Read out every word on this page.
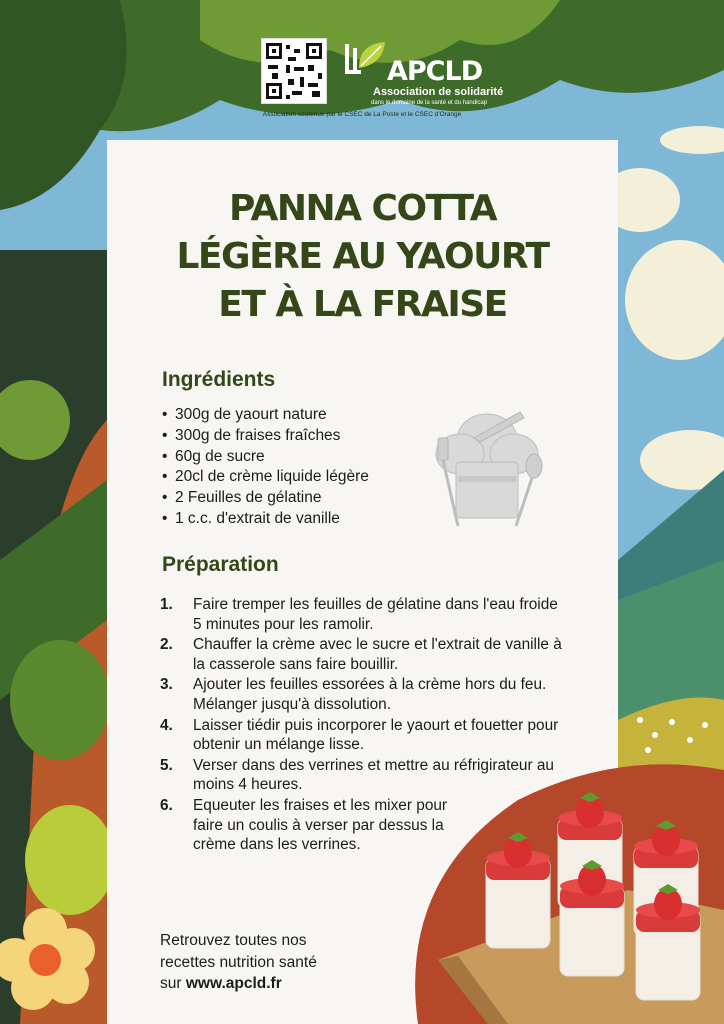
APCLD
Association de solidarité
dans le domaine de la santé et du handicap
Association soutenue par le CSEC de La Poste et le CSEC d'Orange
PANNA COTTA
LÉGÈRE AU YAOURT
ET À LA FRAISE
Ingrédients
• 300g de yaourt nature
• 300g de fraises fraîches
• 60g de sucre
• 20cl de crème liquide légère
• 2 Feuilles de gélatine
• 1 c.c. d'extrait de vanille
Préparation
1. Faire tremper les feuilles de gélatine dans l'eau froide 5 minutes pour les ramolir.
2. Chauffer la crème avec le sucre et l'extrait de vanille à la casserole sans faire bouillir.
3. Ajouter les feuilles essorées à la crème hors du feu. Mélanger jusqu'à dissolution.
4. Laisser tiédir puis incorporer le yaourt et fouetter pour obtenir un mélange lisse.
5. Verser dans des verrines et mettre au réfrigirateur au moins 4 heures.
6. Equeuter les fraises et les mixer pour faire un coulis à verser par dessus la crème dans les verrines.
Retrouvez toutes nos
recettes nutrition santé
sur www.apcld.fr
